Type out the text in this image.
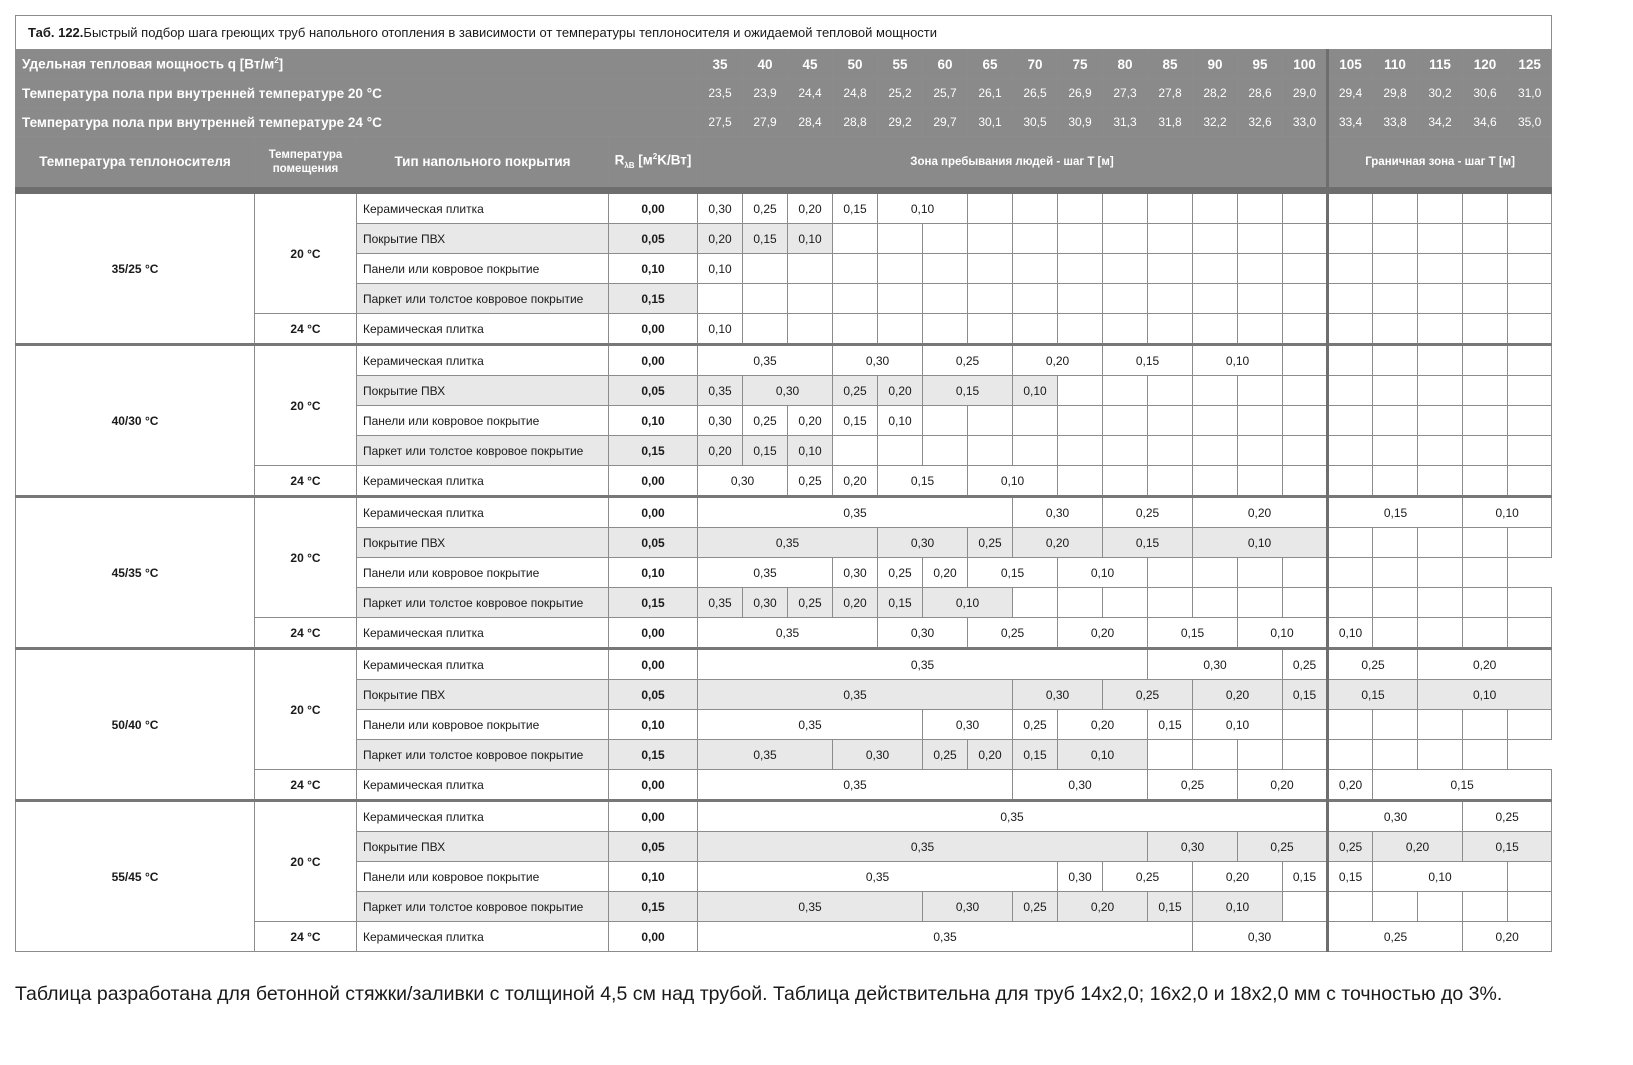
Таб. 122.Быстрый подбор шага греющих труб напольного отопления в зависимости от температуры теплоносителя и ожидаемой тепловой мощности																						
Удельная тепловая мощность q $[Вт/м^2]$				35	40	45	50	55	60	65	70	75	80	85	90	95	100	105	110	115	120	125
Температура пола при внутренней температуре 20 °C				23,5	23,9	24,4	24,8	25,2	25,7	26,1	26,5	26,9	27,3	27,8	28,2	28,6	29,0	29,4	29,8	30,2	30,6	31,0
Температура пола при внутренней температуре 24 °C				27,5	27,9	28,4	28,8	29,2	29,7	30,1	30,5	30,9	31,3	31,8	32,2	32,6	33,0	33,4	33,8	34,2	34,6	35,0
Температура теплоносителя	Температура помещения	Тип напольного покрытия	$R_{\lambda B}$ $[м^2K/Вт]$	Зона пребывания людей - шаг Т [м]														Граничная зона - шаг Т [м]				

35/25 °C	20 °C	Керамическая плитка	0,00	0,30	0,25	0,20	0,15	0,10														
		Покрытие ПВХ	0,05	0,20	0,15	0,10																
		Панели или ковровое покрытие	0,10	0,10																		
		Паркет или толстое ковровое покрытие	0,15																			
	24 °C	Керамическая плитка	0,00	0,10																		
40/30 °C	20 °C	Керамическая плитка	0,00	0,35			0,30		0,25		0,20		0,15		0,10							
		Покрытие ПВХ	0,05	0,35	0,30		0,25	0,20	0,15		0,10											
		Панели или ковровое покрытие	0,10	0,30	0,25	0,20	0,15	0,10														
		Паркет или толстое ковровое покрытие	0,15	0,20	0,15	0,10																
	24 °C	Керамическая плитка	0,00	0,30		0,25	0,20	0,15		0,10												
45/35 °C	20 °C	Керамическая плитка	0,00	0,35							0,30		0,25		0,20			0,15			0,10	
		Покрытие ПВХ	0,05	0,35				0,30		0,25	0,20		0,15		0,10							
		Панели или ковровое покрытие	0,10	0,35			0,30	0,25	0,20	0,15		0,10										
		Паркет или толстое ковровое покрытие	0,15	0,35	0,30	0,25	0,20	0,15	0,10													
	24 °C	Керамическая плитка	0,00	0,35				0,30		0,25		0,20		0,15		0,10		0,10				
50/40 °C	20 °C	Керамическая плитка	0,00	0,35										0,30			0,25	0,25		0,20		
		Покрытие ПВХ	0,05	0,35							0,30		0,25		0,20		0,15	0,15		0,10		
		Панели или ковровое покрытие	0,10	0,35					0,30		0,25	0,20		0,15	0,10							
		Паркет или толстое ковровое покрытие	0,15	0,35			0,30		0,25	0,20	0,15	0,10										
	24 °C	Керамическая плитка	0,00	0,35							0,30			0,25		0,20		0,20	0,15			
55/45 °C	20 °C	Керамическая плитка	0,00	0,35														0,30			0,25	
		Покрытие ПВХ	0,05	0,35										0,30		0,25		0,25	0,20		0,15	
		Панели или ковровое покрытие	0,10	0,35								0,30	0,25		0,20		0,15	0,15	0,10			
		Паркет или толстое ковровое покрытие	0,15	0,35					0,30		0,25	0,20		0,15	0,10							
	24 °C	Керамическая плитка	0,00	0,35											0,30			0,25			0,20	
Таблица разработана для бетонной стяжки/заливки с толщиной 4,5 см над трубой. Таблица действительна для труб 14х2,0; 16х2,0 и 18х2,0 мм с точностью до 3%.
